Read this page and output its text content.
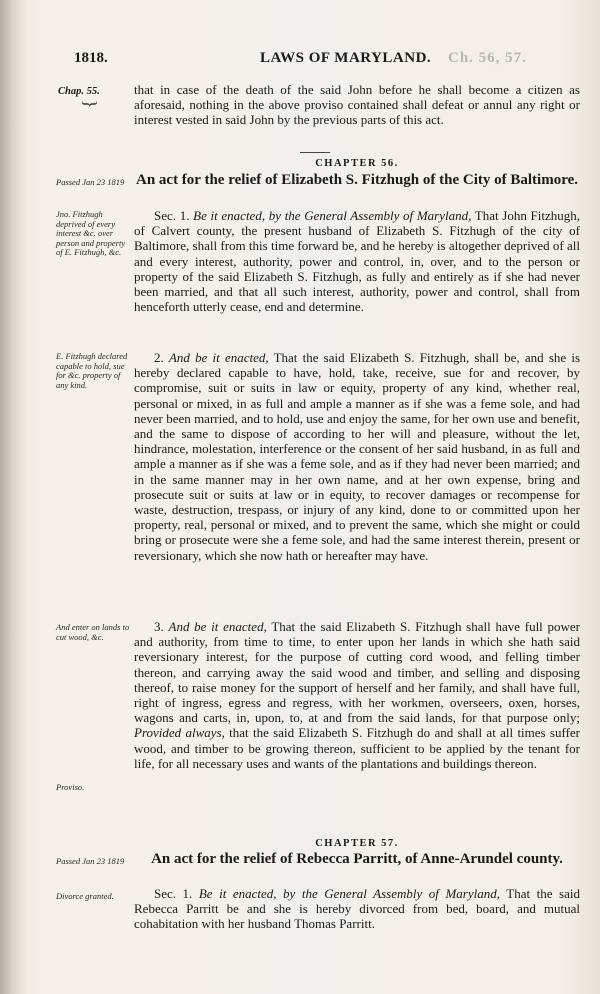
1818.	LAWS OF MARYLAND. Ch. 56, 57.
Chap. 55.
}

that in case of the death of the said John before he shall become a citizen as aforesaid, nothing in the above proviso contained shall defeat or annul any right or interest vested in said John by the previous parts of this act.

CHAPTER 56.
Passed Jan 23 1819 An act for the relief of Elizabeth S. Fitzhugh of the City of Baltimore.
Jno. Fitzhugh deprived of every interest &c. over person and property of E. Fitzhugh, &c.

Sec. 1. Be it enacted, by the General Assembly of Maryland, That John Fitzhugh, of Calvert county, the present husband of Elizabeth S. Fitzhugh of the city of Baltimore, shall from this time forward be, and he hereby is altogether deprived of all and every interest, authority, power and control, in, over, and to the person or property of the said Elizabeth S. Fitzhugh, as fully and entirely as if she had never been married, and that all such interest, authority, power and control, shall from henceforth utterly cease, end and determine.

E. Fitzhugh declared capable to hold, sue for &c. property of any kind.

2. And be it enacted, That the said Elizabeth S. Fitzhugh, shall be, and she is hereby declared capable to have, hold, take, receive, sue for and recover, by compromise, suit or suits in law or equity, property of any kind, whether real, personal or mixed, in as full and ample a manner as if she was a feme sole, and had never been married, and to hold, use and enjoy the same, for her own use and benefit, and the same to dispose of according to her will and pleasure, without the let, hindrance, molestation, interference or the consent of her said husband, in as full and ample a manner as if she was a feme sole, and as if they had never been married; and in the same manner may in her own name, and at her own expense, bring and prosecute suit or suits at law or in equity, to recover damages or recompense for waste, destruction, trespass, or injury of any kind, done to or committed upon her property, real, personal or mixed, and to prevent the same, which she might or could bring or prosecute were she a feme sole, and had the same interest therein, present or reversionary, which she now hath or hereafter may have.

And enter on lands to cut wood, &c.
Proviso.

3. And be it enacted, That the said Elizabeth S. Fitzhugh shall have full power and authority, from time to time, to enter upon her lands in which she hath said reversionary interest, for the purpose of cutting cord wood, and felling timber thereon, and carrying away the said wood and timber, and selling and disposing thereof, to raise money for the support of herself and her family, and shall have full, right of ingress, egress and regress, with her workmen, overseers, oxen, horses, wagons and carts, in, upon, to, at and from the said lands, for that purpose only; Provided always, that the said Elizabeth S. Fitzhugh do and shall at all times suffer wood, and timber to be growing thereon, sufficient to be applied by the tenant for life, for all necessary uses and wants of the plantations and buildings thereon.

CHAPTER 57.
Passed Jan 23 1819	An act for the relief of Rebecca Parritt, of Anne-Arundel county.
Divorce granted.	Sec. 1. Be it enacted, by the General Assembly of Maryland, That the said Rebecca Parritt be and she is hereby divorced from bed, board, and mutual cohabitation with her husband Thomas Parritt.
